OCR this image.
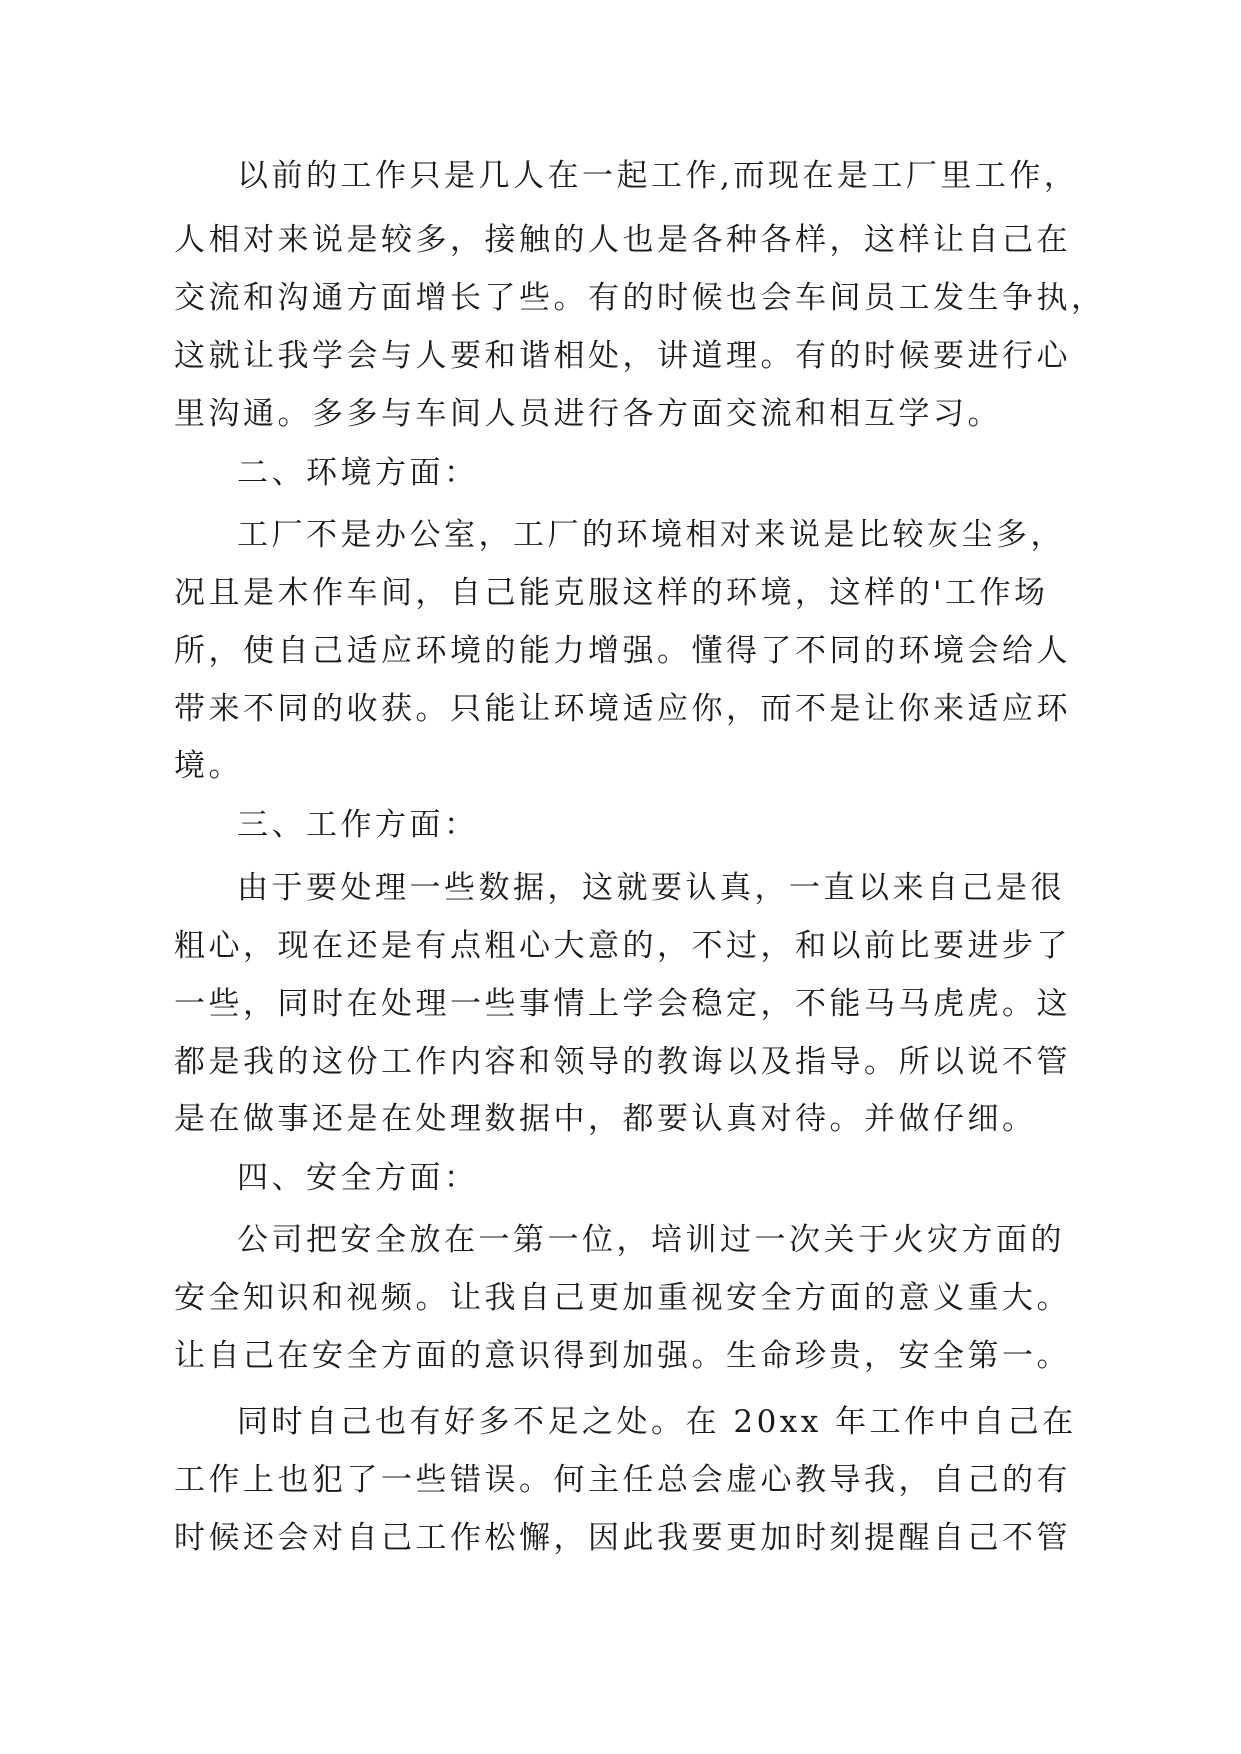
以前的工作只是几人在一起工作,而现在是工厂里工作，
人相对来说是较多，接触的人也是各种各样，这样让自己在
交流和沟通方面增长了些。有的时候也会车间员工发生争执，
这就让我学会与人要和谐相处，讲道理。有的时候要进行心
里沟通。多多与车间人员进行各方面交流和相互学习。
二、环境方面：
工厂不是办公室，工厂的环境相对来说是比较灰尘多，
况且是木作车间，自己能克服这样的环境，这样的'工作场
所，使自己适应环境的能力增强。懂得了不同的环境会给人
带来不同的收获。只能让环境适应你，而不是让你来适应环
境。
三、工作方面：
由于要处理一些数据，这就要认真，一直以来自己是很
粗心，现在还是有点粗心大意的，不过，和以前比要进步了
一些，同时在处理一些事情上学会稳定，不能马马虎虎。这
都是我的这份工作内容和领导的教诲以及指导。所以说不管
是在做事还是在处理数据中，都要认真对待。并做仔细。
四、安全方面：
公司把安全放在一第一位，培训过一次关于火灾方面的
安全知识和视频。让我自己更加重视安全方面的意义重大。
让自己在安全方面的意识得到加强。生命珍贵，安全第一。
同时自己也有好多不足之处。在 20xx 年工作中自己在
工作上也犯了一些错误。何主任总会虚心教导我，自己的有
时候还会对自己工作松懈，因此我要更加时刻提醒自己不管
